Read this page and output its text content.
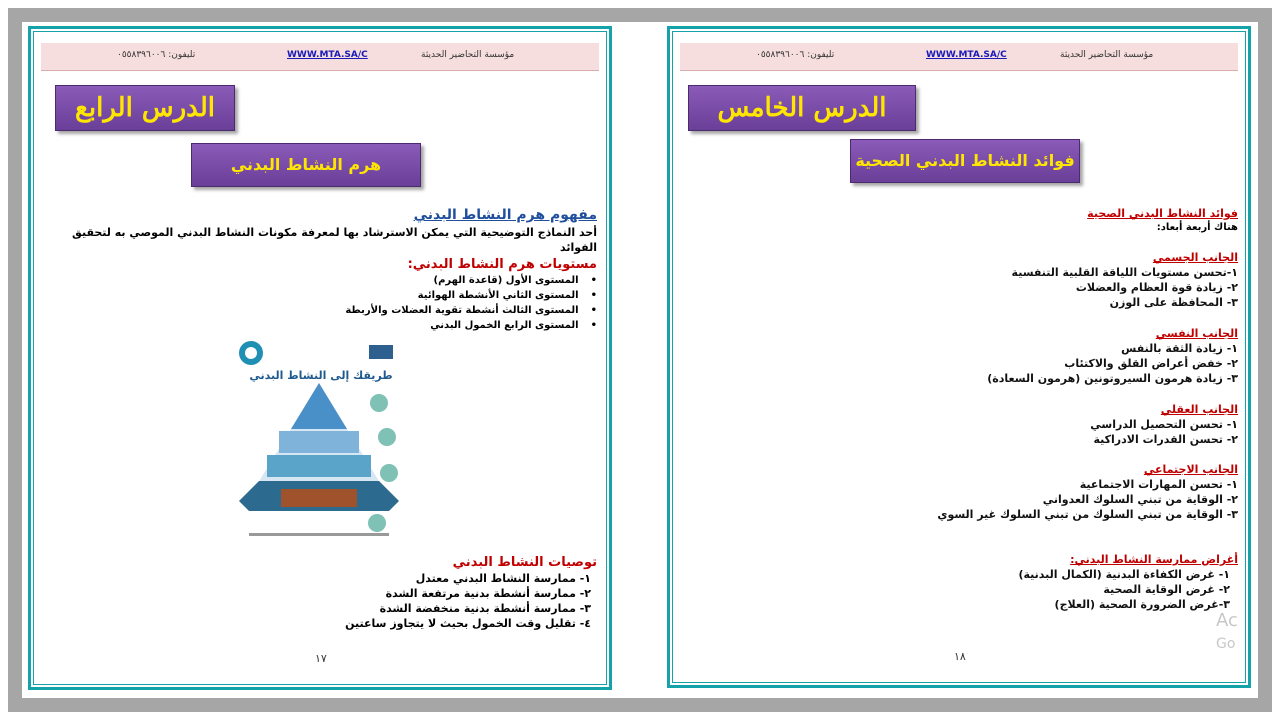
تليفون: ٠٥٥٨٣٩٦٠٠٦	WWW.MTA.SA/C	مؤسسة التحاضير الحديثة
الدرس الرابع
هرم النشاط البدني
مفهوم هرم النشاط البدني
أحد النماذج التوضيحية التي يمكن الاسترشاد بها لمعرفة مكونات النشاط البدني الموصي به لتحقيق الفوائد
مستويات هرم النشاط البدني:
• المستوى الأول (قاعدة الهرم)
• المستوى الثاني الأنشطة الهوائية
• المستوى الثالث أنشطة تقوية العضلات والأربطة
• المستوى الرابع الخمول البدني
طريقك إلى النشاط البدني
توصيات النشاط البدني
١- ممارسة النشاط البدني معتدل
٢- ممارسة أنشطة بدنية مرتفعة الشدة
٣- ممارسة أنشطة بدنية منخفضة الشدة
٤- تقليل وقت الخمول بحيث لا يتجاوز ساعتين
١٧
تليفون: ٠٥٥٨٣٩٦٠٠٦	WWW.MTA.SA/C	مؤسسة التحاضير الحديثة
الدرس الخامس
فوائد النشاط البدني الصحية
فوائد النشاط البدني الصحية
هناك أربعة أبعاد:
الجانب الجسمي
١-تحسن مستويات اللياقة القلبية التنفسية
٢- زيادة قوة العظام والعضلات
٣- المحافظة على الوزن
الجانب النفسي
١- زيادة الثقة بالنفس
٢- خفض أعراض القلق والاكتئاب
٣- زيادة هرمون السيروتونين (هرمون السعادة)
الجانب العقلي
١- تحسن التحصيل الدراسي
٢- تحسن القدرات الادراكية
الجانب الاجتماعي
١- تحسن المهارات الاجتماعية
٢- الوقاية من تبني السلوك العدواني
٣- الوقاية من تبني السلوك من تبني السلوك غير السوي
أغراض ممارسة النشاط البدني:
١- غرض الكفاءة البدنية (الكمال البدنية)
٢- غرض الوقاية الصحية
٣-غرض الضرورة الصحية (العلاج)
١٨
Ac
Go
